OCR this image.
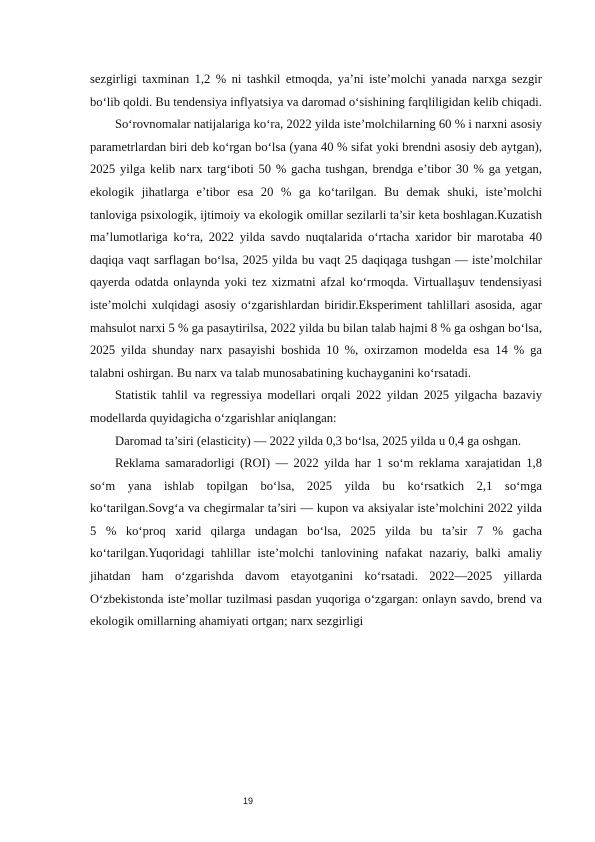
sezgirligi taxminan 1,2 % ni tashkil etmoqda, ya’ni iste’molchi yanada narxga sezgir bo‘lib qoldi. Bu tendensiya inflyatsiya va daromad o‘sishining farqliligidan kelib chiqadi.

So‘rovnomalar natijalariga ko‘ra, 2022 yilda iste’molchilarning 60 % i narxni asosiy parametrlardan biri deb ko‘rgan bo‘lsa (yana 40 % sifat yoki brendni asosiy deb aytgan), 2025 yilga kelib narx targ‘iboti 50 % gacha tushgan, brendga e’tibor 30 % ga yetgan, ekologik jihatlarga e’tibor esa 20 % ga ko‘tarilgan. Bu demak shuki, iste’molchi tanloviga psixologik, ijtimoiy va ekologik omillar sezilarli ta’sir keta boshlagan.Kuzatish ma’lumotlariga ko‘ra, 2022 yilda savdo nuqtalarida o‘rtacha xaridor bir marotaba 40 daqiqa vaqt sarflagan bo‘lsa, 2025 yilda bu vaqt 25 daqiqaga tushgan — iste’molchilar qayerda odatda onlaynda yoki tez xizmatni afzal ko‘rmoqda. Virtuallaşuv tendensiyasi iste’molchi xulqidagi asosiy o‘zgarishlardan biridir.Eksperiment tahlillari asosida, agar mahsulot narxi 5 % ga pasaytirilsa, 2022 yilda bu bilan talab hajmi 8 % ga oshgan bo‘lsa, 2025 yilda shunday narx pasayishi boshida 10 %, oxirzamon modelda esa 14 % ga talabni oshirgan. Bu narx va talab munosabatining kuchayganini ko‘rsatadi.

Statistik tahlil va regressiya modellari orqali 2022 yildan 2025 yilgacha bazaviy modellarda quyidagicha o‘zgarishlar aniqlangan:

Daromad ta’siri (elasticity) — 2022 yilda 0,3 bo‘lsa, 2025 yilda u 0,4 ga oshgan.

Reklama samaradorligi (ROI) — 2022 yilda har 1 so‘m reklama xarajatidan 1,8 so‘m yana ishlab topilgan bo‘lsa, 2025 yilda bu ko‘rsatkich 2,1 so‘mga ko‘tarilgan.Sovg‘a va chegirmalar ta’siri — kupon va aksiyalar iste’molchini 2022 yilda 5 % ko‘proq xarid qilarga undagan bo‘lsa, 2025 yilda bu ta’sir 7 % gacha ko‘tarilgan.Yuqoridagi tahlillar iste’molchi tanlovining nafakat nazariy, balki amaliy jihatdan ham o‘zgarishda davom etayotganini ko‘rsatadi. 2022—2025 yillarda O‘zbekistonda iste’mollar tuzilmasi pasdan yuqoriga o‘zgargan: onlayn savdo, brend va ekologik omillarning ahamiyati ortgan; narx sezgirligi

19
